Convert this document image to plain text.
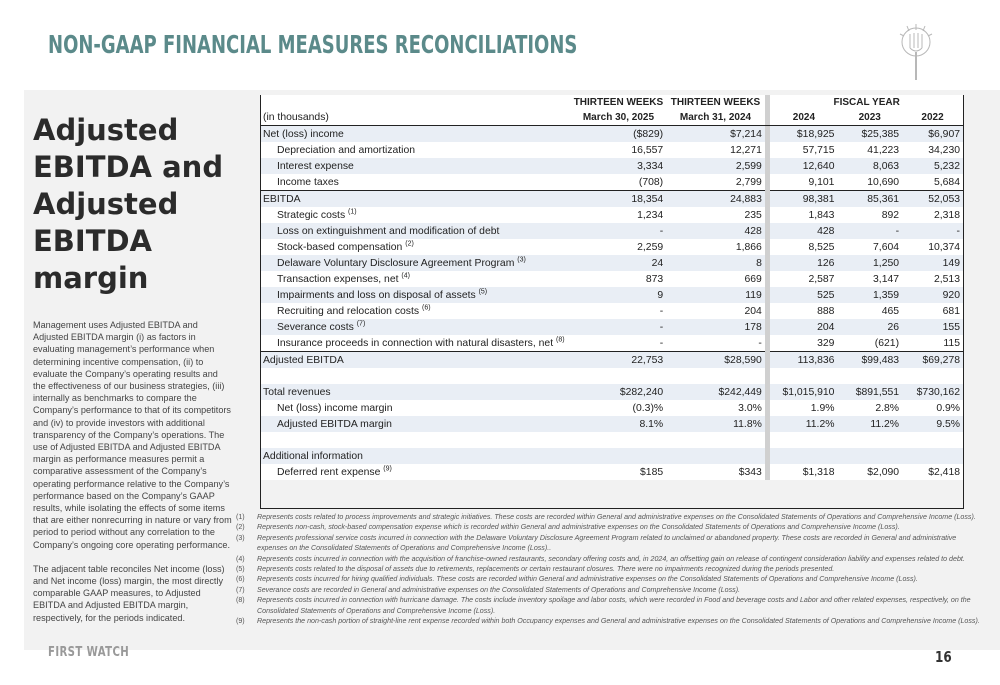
NON-GAAP FINANCIAL MEASURES RECONCILIATIONS
Adjusted
EBITDA and
Adjusted
EBITDA margin

Management uses Adjusted EBITDA and Adjusted EBITDA margin (i) as factors in evaluating management’s performance when determining incentive compensation, (ii) to evaluate the Company’s operating results and the effectiveness of our business strategies, (iii) internally as benchmarks to compare the Company’s performance to that of its competitors and (iv) to provide investors with additional transparency of the Company’s operations. The use of Adjusted EBITDA and Adjusted EBITDA margin as performance measures permit a comparative assessment of the Company’s operating performance relative to the Company’s performance based on the Company’s GAAP results, while isolating the effects of some items that are either nonrecurring in nature or vary from period to period without any correlation to the Company’s ongoing core operating performance.

The adjacent table reconciles Net income (loss) and Net income (loss) margin, the most directly comparable GAAP measures, to Adjusted EBITDA and Adjusted EBITDA margin, respectively, for the periods indicated.

	THIRTEEN WEEKS	THIRTEEN WEEKS		FISCAL YEAR		
(in thousands)	March 30, 2025	March 31, 2024		2024	2023	2022
Net (loss) income	($829)	$7,214		$18,925	$25,385	$6,907
Depreciation and amortization	16,557	12,271		57,715	41,223	34,230
Interest expense	3,334	2,599		12,640	8,063	5,232
Income taxes	(708)	2,799		9,101	10,690	5,684
EBITDA	18,354	24,883		98,381	85,361	52,053
Strategic costs $^{(1)}$	1,234	235		1,843	892	2,318
Loss on extinguishment and modification of debt	-	428		428	-	-
Stock-based compensation $^{(2)}$	2,259	1,866		8,525	7,604	10,374
Delaware Voluntary Disclosure Agreement Program $^{(3)}$	24	8		126	1,250	149
Transaction expenses, net $^{(4)}$	873	669		2,587	3,147	2,513
Impairments and loss on disposal of assets $^{(5)}$	9	119		525	1,359	920
Recruiting and relocation costs $^{(6)}$	-	204		888	465	681
Severance costs $^{(7)}$	-	178		204	26	155
Insurance proceeds in connection with natural disasters, net $^{(8)}$	-	-		329	(621)	115
Adjusted EBITDA	22,753	$28,590		113,836	$99,483	$69,278

Total revenues	$282,240	$242,449		$1,015,910	$891,551	$730,162
Net (loss) income margin	(0.3)%	3.0%		1.9%	2.8%	0.9%
Adjusted EBITDA margin	8.1%	11.8%		11.2%	11.2%	9.5%

Additional information						
Deferred rent expense $^{(9)}$	$185	$343		$1,318	$2,090	$2,418
(1)	Represents costs related to process improvements and strategic initiatives. These costs are recorded within General and administrative expenses on the Consolidated Statements of Operations and Comprehensive Income (Loss).
(2)	Represents non-cash, stock-based compensation expense which is recorded within General and administrative expenses on the Consolidated Statements of Operations and Comprehensive Income (Loss).
(3)	Represents professional service costs incurred in connection with the Delaware Voluntary Disclosure Agreement Program related to unclaimed or abandoned property. These costs are recorded in General and administrative expenses on the Consolidated Statements of Operations and Comprehensive Income (Loss)..
(4)	Represents costs incurred in connection with the acquisition of franchise-owned restaurants, secondary offering costs and, in 2024, an offsetting gain on release of contingent consideration liability and expenses related to debt.
(5)	Represents costs related to the disposal of assets due to retirements, replacements or certain restaurant closures. There were no impairments recognized during the periods presented.
(6)	Represents costs incurred for hiring qualified individuals. These costs are recorded within General and administrative expenses on the Consolidated Statements of Operations and Comprehensive Income (Loss).
(7)	Severance costs are recorded in General and administrative expenses on the Consolidated Statements of Operations and Comprehensive Income (Loss).
(8)	Represents costs incurred in connection with hurricane damage. The costs include inventory spoilage and labor costs, which were recorded in Food and beverage costs and Labor and other related expenses, respectively, on the Consolidated Statements of Operations and Comprehensive Income (Loss).
(9)	Represents the non-cash portion of straight-line rent expense recorded within both Occupancy expenses and General and administrative expenses on the Consolidated Statements of Operations and Comprehensive Income (Loss).
FIRST WATCH	16
